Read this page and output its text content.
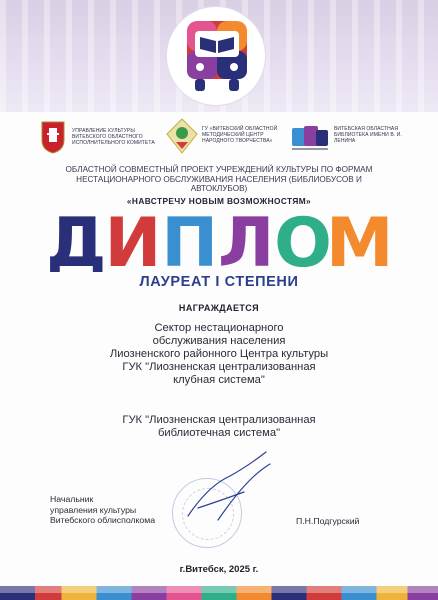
УПРАВЛЕНИЕ КУЛЬТУРЫ ВИТЕБСКОГО ОБЛАСТНОГО ИСПОЛНИТЕЛЬНОГО КОМИТЕТА
ГУ «ВИТЕБСКИЙ ОБЛАСТНОЙ МЕТОДИЧЕСКИЙ ЦЕНТР НАРОДНОГО ТВОРЧЕСТВА»
ВИТЕБСКАЯ ОБЛАСТНАЯ БИБЛИОТЕКА ИМЕНИ В. И. ЛЕНИНА
ОБЛАСТНОЙ СОВМЕСТНЫЙ ПРОЕКТ УЧРЕЖДЕНИЙ КУЛЬТУРЫ ПО ФОРМАМ НЕСТАЦИОНАРНОГО ОБСЛУЖИВАНИЯ НАСЕЛЕНИЯ (БИБЛИОБУСОВ И АВТОКЛУБОВ)
«НАВСТРЕЧУ НОВЫМ ВОЗМОЖНОСТЯМ»
Д
И П Л О
М
ЛАУРЕАТ I СТЕПЕНИ
НАГРАЖДАЕТСЯ
Сектор нестационарного
обслуживания населения
Лиозненского районного Центра культуры
ГУК "Лиозненская централизованная
клубная система"
ГУК "Лиозненская централизованная
библиотечная система"
Начальник
управления культуры
Витебского облисполкома	П.Н.Подгурский
г.Витебск, 2025 г.
